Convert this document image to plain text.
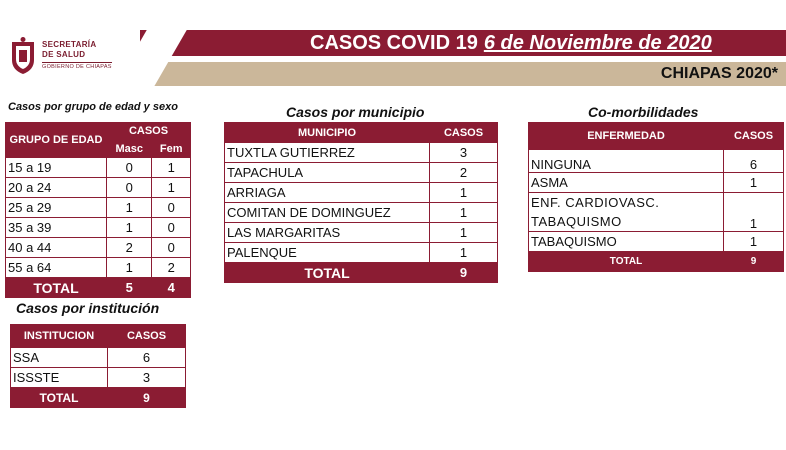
SECRETARÍA
DE SALUD
GOBIERNO DE CHIAPAS
CASOS COVID 19 6 de Noviembre de 2020
CHIAPAS 2020*
Casos por grupo de edad y sexo
GRUPO DE EDAD	CASOS	
	Masc	Fem
15 a 19	0	1
20 a 24	0	1
25 a 29	1	0
35 a 39	1	0
40 a 44	2	0
55 a 64	1	2
TOTAL	5	4
Casos por municipio
MUNICIPIO	CASOS
TUXTLA GUTIERREZ	3
TAPACHULA	2
ARRIAGA	1
COMITAN DE DOMINGUEZ	1
LAS MARGARITAS	1
PALENQUE	1
TOTAL	9
Co-morbilidades
ENFERMEDAD	CASOS
NINGUNA	6
ASMA	1
ENF. CARDIOVASC. TABAQUISMO	1
TABAQUISMO	1
TOTAL	9
Casos por institución
INSTITUCION	CASOS
SSA	6
ISSSTE	3
TOTAL	9
